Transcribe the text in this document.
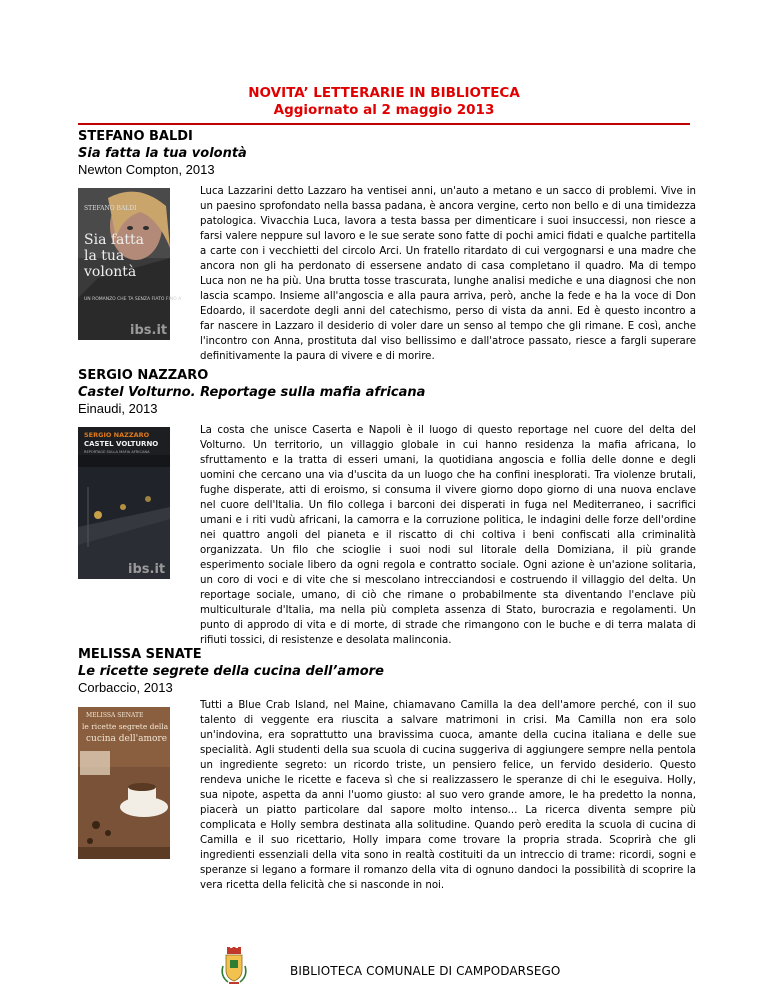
NOVITA’ LETTERARIE IN BIBLIOTECA
Aggiornato al 2 maggio 2013
STEFANO BALDI
Sia fatta la tua volontà
Newton Compton, 2013
STEFANO BALDI
Sia fatta
la tua
volontà
UN ROMANZO CHE TA SENZA FIATO FINO A
ibs.it
Luca Lazzarini detto Lazzaro ha ventisei anni, un'auto a metano e un sacco di problemi. Vive in un paesino sprofondato nella bassa padana, è ancora vergine, certo non bello e di una timidezza patologica. Vivacchia Luca, lavora a testa bassa per dimenticare i suoi insuccessi, non riesce a farsi valere neppure sul lavoro e le sue serate sono fatte di pochi amici fidati e qualche partitella a carte con i vecchietti del circolo Arci. Un fratello ritardato di cui vergognarsi e una madre che ancora non gli ha perdonato di essersene andato di casa completano il quadro. Ma di tempo Luca non ne ha più. Una brutta tosse trascurata, lunghe analisi mediche e una diagnosi che non lascia scampo. Insieme all'angoscia e alla paura arriva, però, anche la fede e ha la voce di Don Edoardo, il sacerdote degli anni del catechismo, perso di vista da anni. Ed è questo incontro a far nascere in Lazzaro il desiderio di voler dare un senso al tempo che gli rimane. E così, anche l'incontro con Anna, prostituta dal viso bellissimo e dall'atroce passato, riesce a fargli superare definitivamente la paura di vivere e di morire.
SERGIO NAZZARO
Castel Volturno. Reportage sulla mafia africana
Einaudi, 2013
SERGIO NAZZARO
CASTEL VOLTURNO
REPORTAGE SULLA MAFIA AFRICANA
ibs.it
La costa che unisce Caserta e Napoli è il luogo di questo reportage nel cuore del delta del Volturno. Un territorio, un villaggio globale in cui hanno residenza la mafia africana, lo sfruttamento e la tratta di esseri umani, la quotidiana angoscia e follia delle donne e degli uomini che cercano una via d'uscita da un luogo che ha confini inesplorati. Tra violenze brutali, fughe disperate, atti di eroismo, si consuma il vivere giorno dopo giorno di una nuova enclave nel cuore dell'Italia. Un filo collega i barconi dei disperati in fuga nel Mediterraneo, i sacrifici umani e i riti vudù africani, la camorra e la corruzione politica, le indagini delle forze dell'ordine nei quattro angoli del pianeta e il riscatto di chi coltiva i beni confiscati alla criminalità organizzata. Un filo che scioglie i suoi nodi sul litorale della Domiziana, il più grande esperimento sociale libero da ogni regola e contratto sociale. Ogni azione è un'azione solitaria, un coro di voci e di vite che si mescolano intrecciandosi e costruendo il villaggio del delta. Un reportage sociale, umano, di ciò che rimane o probabilmente sta diventando l'enclave più multiculturale d'Italia, ma nella più completa assenza di Stato, burocrazia e regolamenti. Un punto di approdo di vita e di morte, di strade che rimangono con le buche e di terra malata di rifiuti tossici, di resistenze e desolata malinconia.
MELISSA SENATE
Le ricette segrete della cucina dell’amore
Corbaccio, 2013
MELISSA SENATE
le ricette segrete della
cucina dell'amore
Tutti a Blue Crab Island, nel Maine, chiamavano Camilla la dea dell'amore perché, con il suo talento di veggente era riuscita a salvare matrimoni in crisi. Ma Camilla non era solo un'indovina, era soprattutto una bravissima cuoca, amante della cucina italiana e delle sue specialità. Agli studenti della sua scuola di cucina suggeriva di aggiungere sempre nella pentola un ingrediente segreto: un ricordo triste, un pensiero felice, un fervido desiderio. Questo rendeva uniche le ricette e faceva sì che si realizzassero le speranze di chi le eseguiva. Holly, sua nipote, aspetta da anni l'uomo giusto: al suo vero grande amore, le ha predetto la nonna, piacerà un piatto particolare dal sapore molto intenso... La ricerca diventa sempre più complicata e Holly sembra destinata alla solitudine. Quando però eredita la scuola di cucina di Camilla e il suo ricettario, Holly impara come trovare la propria strada. Scoprirà che gli ingredienti essenziali della vita sono in realtà costituiti da un intreccio di trame: ricordi, sogni e speranze si legano a formare il romanzo della vita di ognuno dandoci la possibilità di scoprire la vera ricetta della felicità che si nasconde in noi.
BIBLIOTECA COMUNALE DI CAMPODARSEGO
